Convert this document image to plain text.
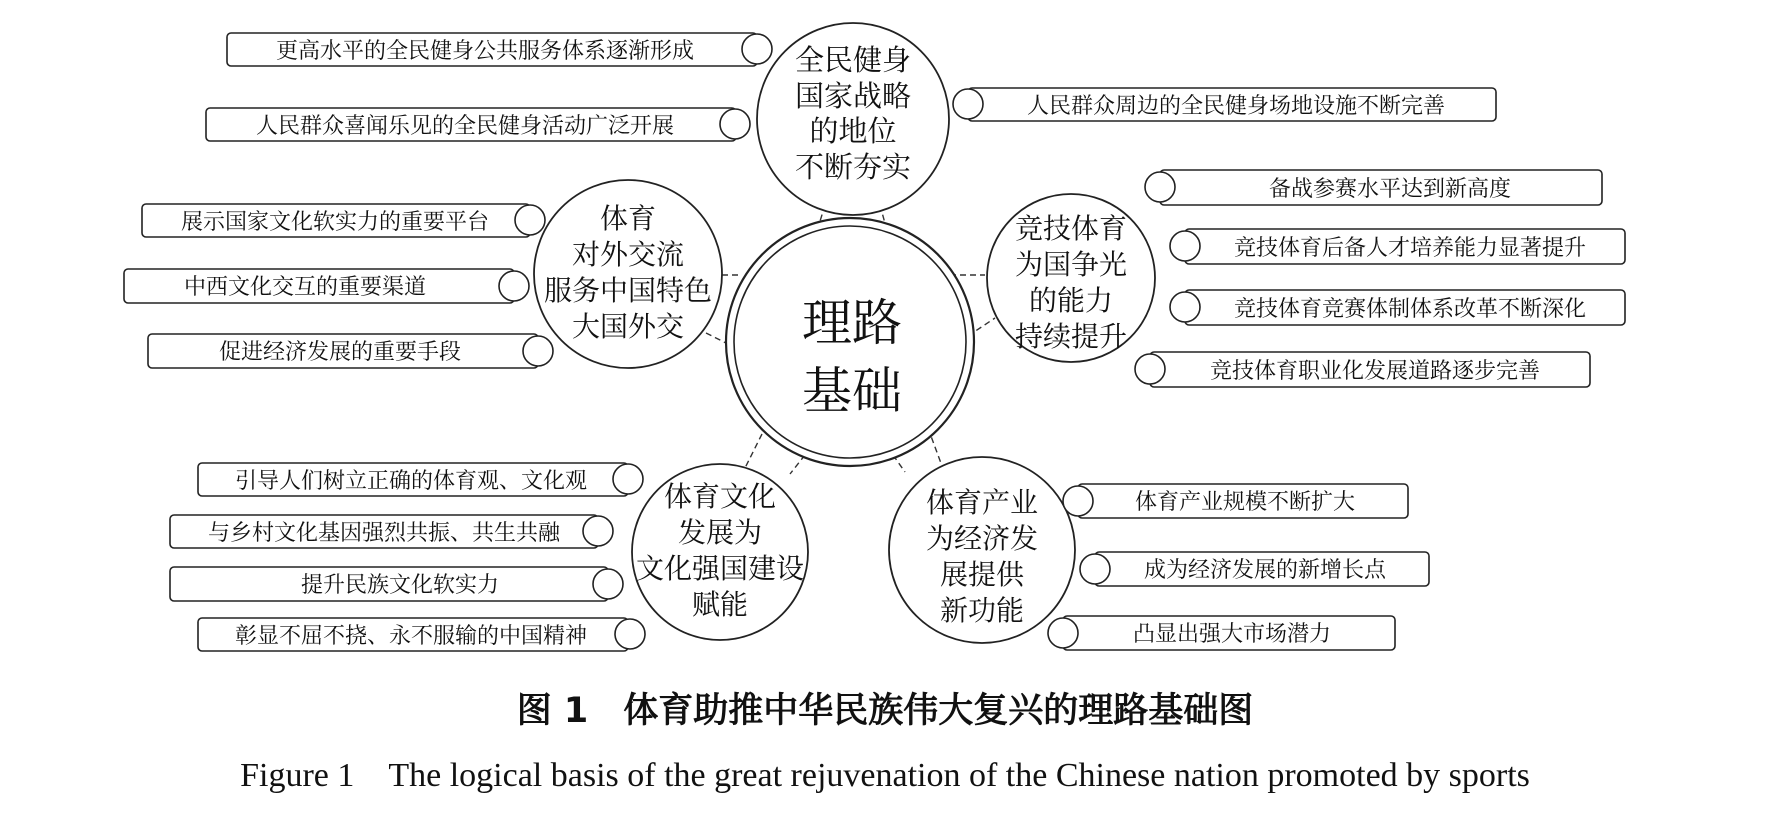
理路
基础
全民健身
国家战略
的地位
不断夯实
竞技体育
为国争光
的能力
持续提升
体育产业
为经济发
展提供
新功能
体育文化
发展为
文化强国建设
赋能
体育
对外交流
服务中国特色
大国外交
更高水平的全民健身公共服务体系逐渐形成
人民群众喜闻乐见的全民健身活动广泛开展
人民群众周边的全民健身场地设施不断完善
备战参赛水平达到新高度
竞技体育后备人才培养能力显著提升
竞技体育竞赛体制体系改革不断深化
竞技体育职业化发展道路逐步完善
体育产业规模不断扩大
成为经济发展的新增长点
凸显出强大市场潜力
引导人们树立正确的体育观、文化观
与乡村文化基因强烈共振、共生共融
提升民族文化软实力
彰显不屈不挠、永不服输的中国精神
展示国家文化软实力的重要平台
中西文化交互的重要渠道
促进经济发展的重要手段
图 1　体育助推中华民族伟大复兴的理路基础图
Figure 1　The logical basis of the great rejuvenation of the Chinese nation promoted by sports
